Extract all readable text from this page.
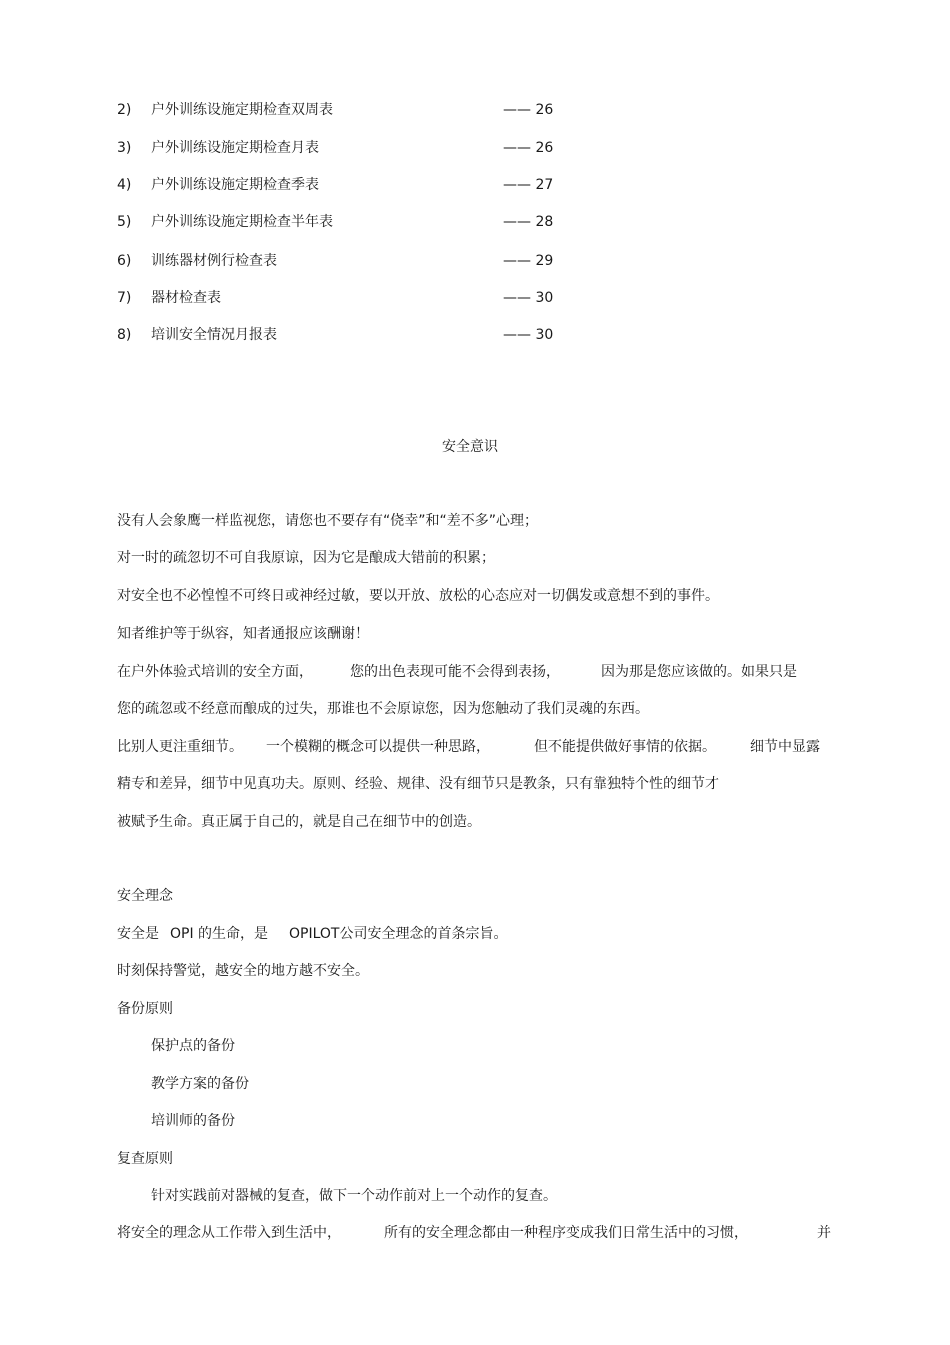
2) 户外训练设施定期检查双周表	—— 26
3) 户外训练设施定期检查月表	—— 26
4) 户外训练设施定期检查季表	—— 27
5) 户外训练设施定期检查半年表	—— 28
6) 训练器材例行检查表	—— 29
7) 器材检查表	—— 30
8) 培训安全情况月报表	—— 30
安全意识
没有人会象鹰一样监视您，请您也不要存有“侥幸”和“差不多”心理；
对一时的疏忽切不可自我原谅，因为它是酿成大错前的积累；
对安全也不必惶惶不可终日或神经过敏，要以开放、放松的心态应对一切偶发或意想不到的事件。
知者维护等于纵容，知者通报应该酬谢！
在户外体验式培训的安全方面，	您的出色表现可能不会得到表扬，	因为那是您应该做的。如果只是
您的疏忽或不经意而酿成的过失，那谁也不会原谅您，因为您触动了我们灵魂的东西。
比别人更注重细节。 一个模糊的概念可以提供一种思路，	但不能提供做好事情的依据。 细节中显露
精专和差异，细节中见真功夫。原则、经验、规律、没有细节只是教条，只有靠独特个性的细节才
被赋予生命。真正属于自己的，就是自己在细节中的创造。
安全理念
安全是 OPI 的生命，是 OPILOT公司安全理念的首条宗旨。
时刻保持警觉，越安全的地方越不安全。
备份原则
保护点的备份
教学方案的备份
培训师的备份
复查原则
针对实践前对器械的复查，做下一个动作前对上一个动作的复查。
将安全的理念从工作带入到生活中，	所有的安全理念都由一种程序变成我们日常生活中的习惯，	并
